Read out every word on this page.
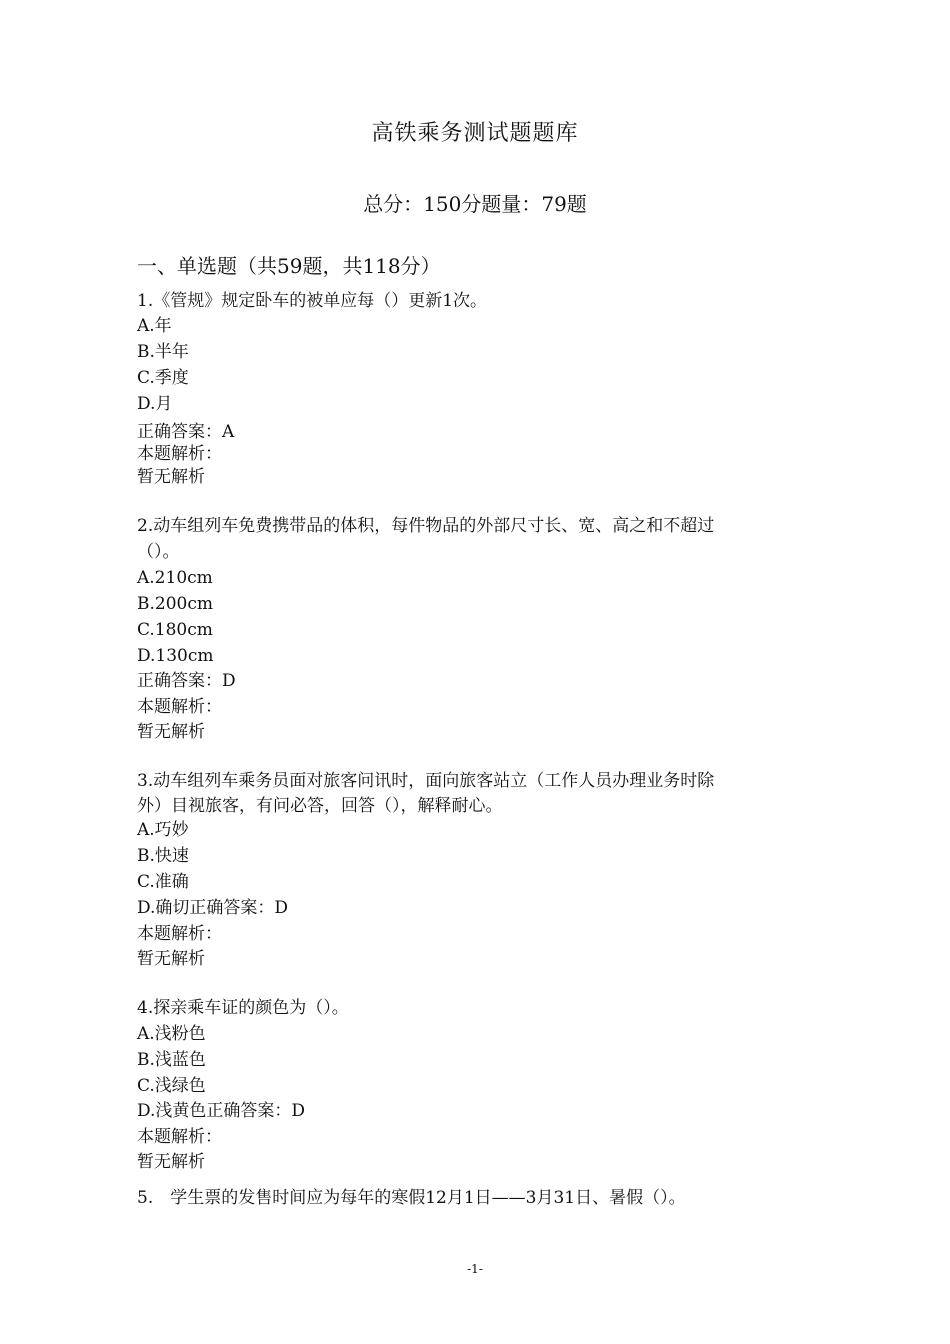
高铁乘务测试题题库
总分：150分题量：79题
一、单选题（共59题，共118分）
1.《管规》规定卧车的被单应每（）更新1次。
A.年
B.半年
C.季度
D.月
正确答案：A
本题解析：
暂无解析
2.动车组列车免费携带品的体积，每件物品的外部尺寸长、宽、高之和不超过
（）。
A.210cm
B.200cm
C.180cm
D.130cm
正确答案：D
本题解析：
暂无解析
3.动车组列车乘务员面对旅客问讯时，面向旅客站立（工作人员办理业务时除
外）目视旅客，有问必答，回答（），解释耐心。
A.巧妙
B.快速
C.准确
D.确切正确答案：D
本题解析：
暂无解析
4.探亲乘车证的颜色为（）。
A.浅粉色
B.浅蓝色
C.浅绿色
D.浅黄色正确答案：D
本题解析：
暂无解析
5.　学生票的发售时间应为每年的寒假12月1日——3月31日、暑假（）。
-1-
